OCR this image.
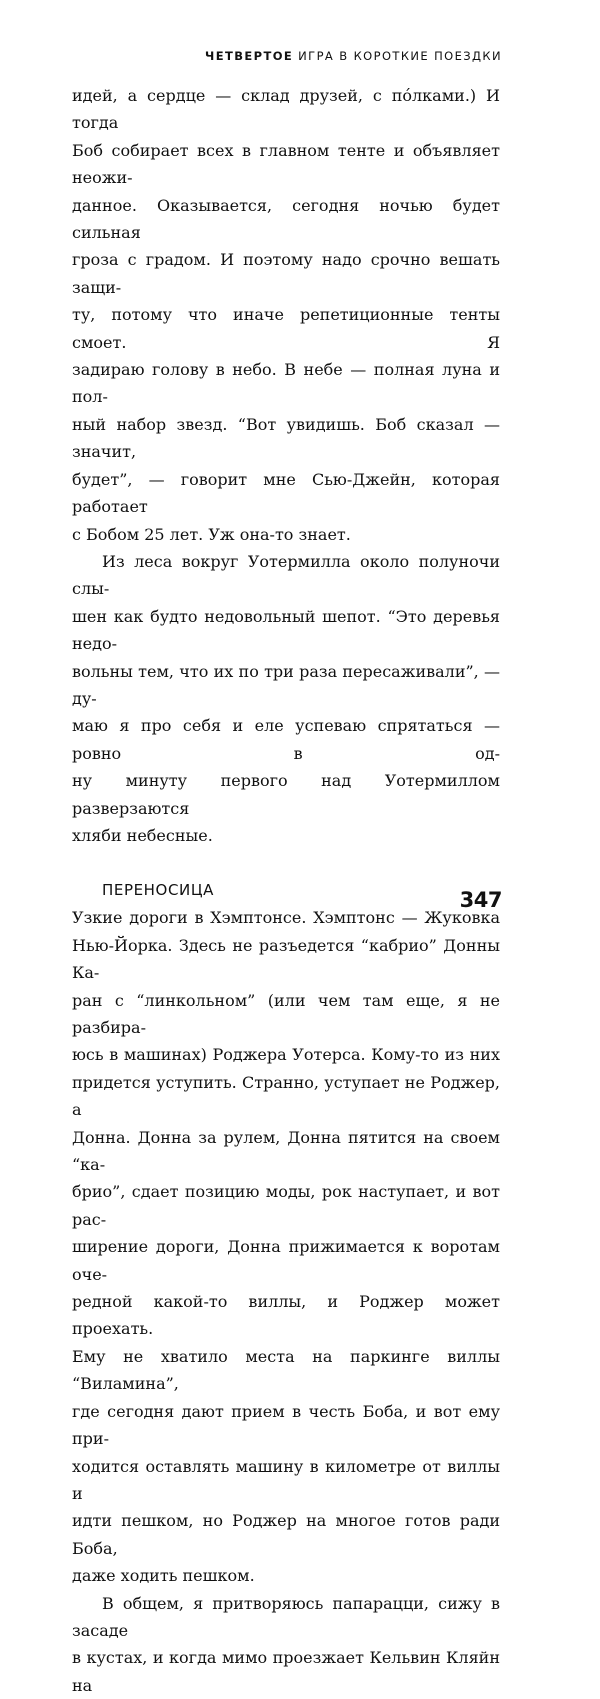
ЧЕТВЕРТОЕ ИГРА В КОРОТКИЕ ПОЕЗДКИ

идей, а сердце — склад друзей, с пóлками.) И тогда

Боб собирает всех в главном тенте и объявляет неожи-

данное. Оказывается, сегодня ночью будет сильная

гроза с градом. И поэтому надо срочно вешать защи-

ту, потому что иначе репетиционные тенты смоет. Я

задираю голову в небо. В небе — полная луна и пол-

ный набор звезд. “Вот увидишь. Боб сказал — значит,

будет”, — говорит мне Сью-Джейн, которая работает

с Бобом 25 лет. Уж она-то знает.

Из леса вокруг Уотермилла около полуночи слы-

шен как будто недовольный шепот. “Это деревья недо-

вольны тем, что их по три раза пересаживали”, — ду-

маю я про себя и еле успеваю спрятаться — ровно в од-

ну минуту первого над Уотермиллом разверзаются

хляби небесные.

ПЕРЕНОСИЦА

Узкие дороги в Хэмптонсе. Хэмптонс — Жуковка

Нью-Йорка. Здесь не разъедется “кабрио” Донны Ка-

ран с “линкольном” (или чем там еще, я не разбира-

юсь в машинах) Роджера Уотерса. Кому-то из них

придется уступить. Странно, уступает не Роджер, а

Донна. Донна за рулем, Донна пятится на своем “ка-

брио”, сдает позицию моды, рок наступает, и вот рас-

ширение дороги, Донна прижимается к воротам оче-

редной какой-то виллы, и Роджер может проехать.

Ему не хватило места на паркинге виллы “Виламина”,

где сегодня дают прием в честь Боба, и вот ему при-

ходится оставлять машину в километре от виллы и

идти пешком, но Роджер на многое готов ради Боба,

даже ходить пешком.

В общем, я притворяюсь папарацци, сижу в засаде

в кустах, и когда мимо проезжает Кельвин Кляйн на

347
